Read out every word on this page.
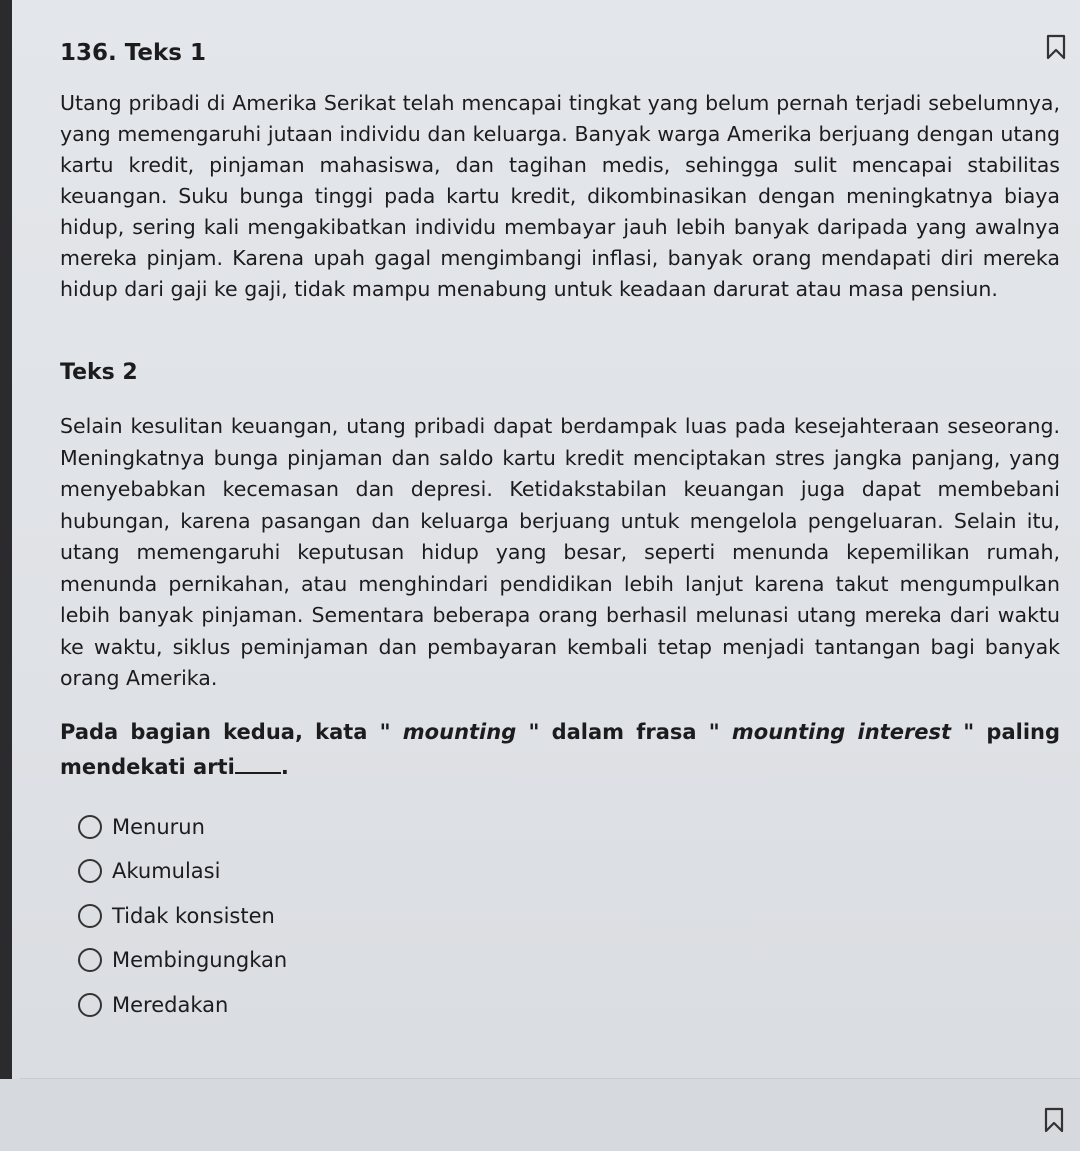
136. Teks 1

Utang pribadi di Amerika Serikat telah mencapai tingkat yang belum pernah terjadi sebelumnya, yang memengaruhi jutaan individu dan keluarga. Banyak warga Amerika berjuang dengan utang kartu kredit, pinjaman mahasiswa, dan tagihan medis, sehingga sulit mencapai stabilitas keuangan. Suku bunga tinggi pada kartu kredit, dikombinasikan dengan meningkatnya biaya hidup, sering kali mengakibatkan individu membayar jauh lebih banyak daripada yang awalnya mereka pinjam. Karena upah gagal mengimbangi inflasi, banyak orang mendapati diri mereka hidup dari gaji ke gaji, tidak mampu menabung untuk keadaan darurat atau masa pensiun.

Teks 2

Selain kesulitan keuangan, utang pribadi dapat berdampak luas pada kesejahteraan seseorang. Meningkatnya bunga pinjaman dan saldo kartu kredit menciptakan stres jangka panjang, yang menyebabkan kecemasan dan depresi. Ketidakstabilan keuangan juga dapat membebani hubungan, karena pasangan dan keluarga berjuang untuk mengelola pengeluaran. Selain itu, utang memengaruhi keputusan hidup yang besar, seperti menunda kepemilikan rumah, menunda pernikahan, atau menghindari pendidikan lebih lanjut karena takut mengumpulkan lebih banyak pinjaman. Sementara beberapa orang berhasil melunasi utang mereka dari waktu ke waktu, siklus peminjaman dan pembayaran kembali tetap menjadi tantangan bagi banyak orang Amerika.

Pada bagian kedua, kata " mounting " dalam frasa " mounting interest " paling mendekati arti .
Menurun
Akumulasi
Tidak konsisten
Membingungkan
Meredakan
